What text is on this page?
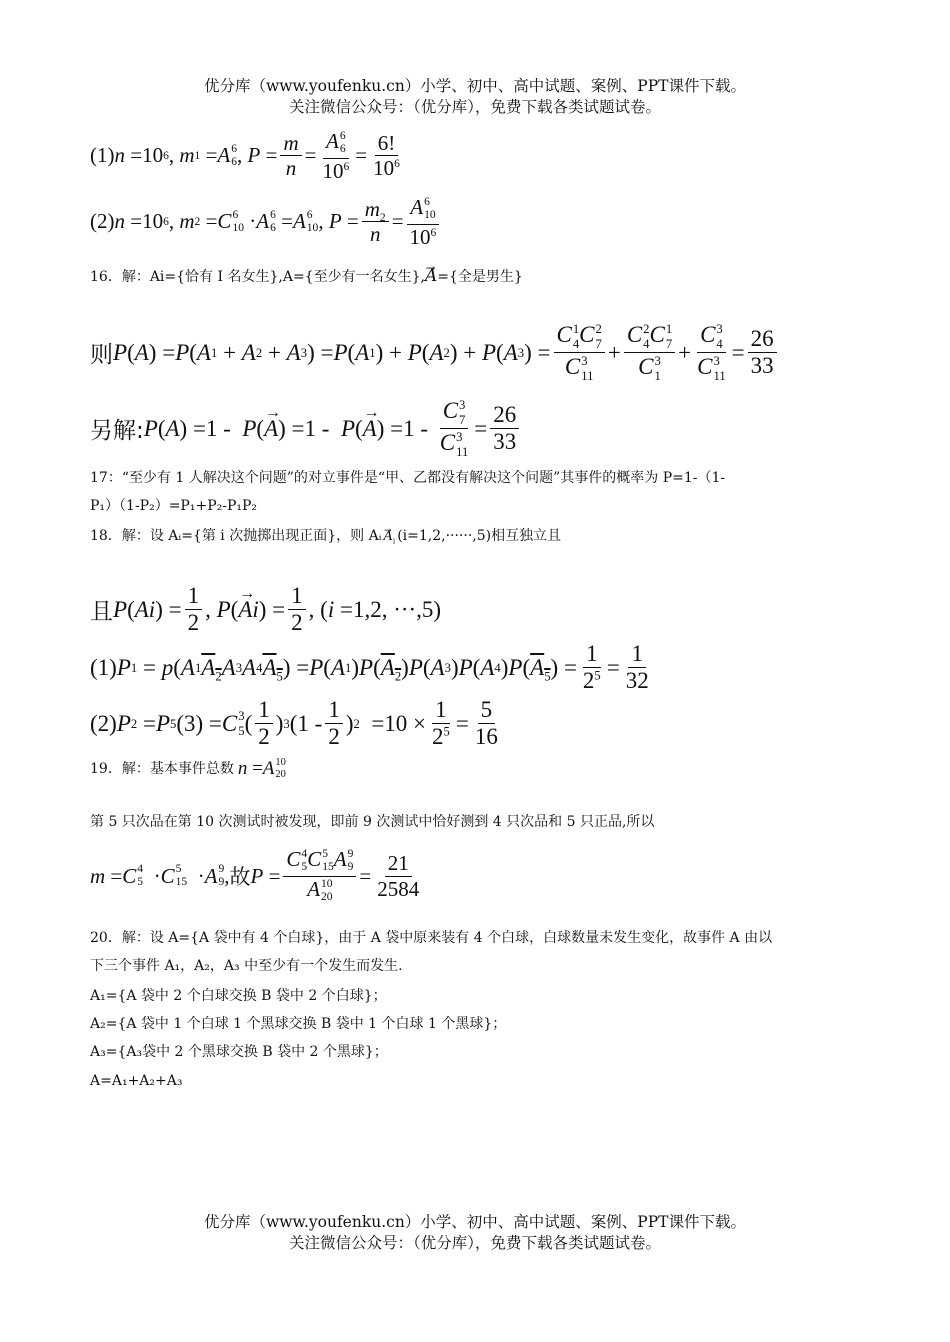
优分库（www.youfenku.cn）小学、初中、高中试题、案例、PPT课件下载。
关注微信公众号：（优分库），免费下载各类试题试卷。
(1) n =10 6 , m 1 = A 6
6 , $P = \frac{m}{n} = A$ 6
6
$10^6 = \frac{6!}{10^6}$
(2) n =10 6 , m 2 = C 6
10 · A 6
6 = A 6
10 , $P = \frac{m_2}{n} = A$ 6
10
$10^6$
16．解：Ai={恰有 I 名女生},A={至少有一名女生},→ A={全是男生}
则 P ( A ) = P ( A 1 + A 2 + A 3 ) = P ( A 1 ) + P ( A 2 ) + P ( A 3 ) = C 1
4 C 2
7
C 3
11 + C 2
4 C 1
7
C 3
1 + C 3
4
C 3
$11 = \frac{26}{33}$
另解: P ( A ) =1 - P ( → A ) =1 - P ( → A ) =1 - C 3
7
C 3
$11 = \frac{26}{33}$
17：“至少有 1 人解决这个问题”的对立事件是“甲、乙都没有解决这个问题”其事件的概率为 P=1-（1-
P₁）（1-P₂）=P₁+P₂-P₁P₂
18．解：设 Aᵢ={第 i 次抛掷出现正面}，则 Aᵢ → $A_i$ (i=1,2,······,5)相互独立且
且 P ( Ai ) = $\frac{1}{2}$ , P ( → Ai ) = $\frac{1}{2}$ , ( i =1,2, ···,5)
(1) P 1 = p ( A 1 $A_2$ A 3 A 4 $A_5$ ) = P ( A 1 ) P ( $A_2$ ) P ( A 3 ) P ( A 4 ) P ( $A_5$ ) = $\frac{1}{2^5} = \frac{1}{32}$
(2) P 2 = P 5 (3) = C 3
5 ( $\frac{1}{2}$ ) 3 ($1 - \frac{1}{2}$ ) $2 =10 \times \frac{1}{2^5} = \frac{5}{16}$
19．解：基本事件总数 n = A 10
20
第 5 只次品在第 10 次测试时被发现，即前 9 次测试中恰好测到 4 只次品和 5 只正品,所以
m = C 4
5 · C 5
15 · A 9
9 , 故 P = C 4
5 C 5
15 A 9
9
A 10
$20 = \frac{21}{2584}$
20．解：设 A={A 袋中有 4 个白球}，由于 A 袋中原来装有 4 个白球，白球数量未发生变化，故事件 A 由以
下三个事件 A₁，A₂，A₃ 中至少有一个发生而发生.
A₁={A 袋中 2 个白球交换 B 袋中 2 个白球}；
A₂={A 袋中 1 个白球 1 个黑球交换 B 袋中 1 个白球 1 个黑球}；
A₃={A₃袋中 2 个黑球交换 B 袋中 2 个黑球}；
A=A₁+A₂+A₃
优分库（www.youfenku.cn）小学、初中、高中试题、案例、PPT课件下载。
关注微信公众号：（优分库），免费下载各类试题试卷。
